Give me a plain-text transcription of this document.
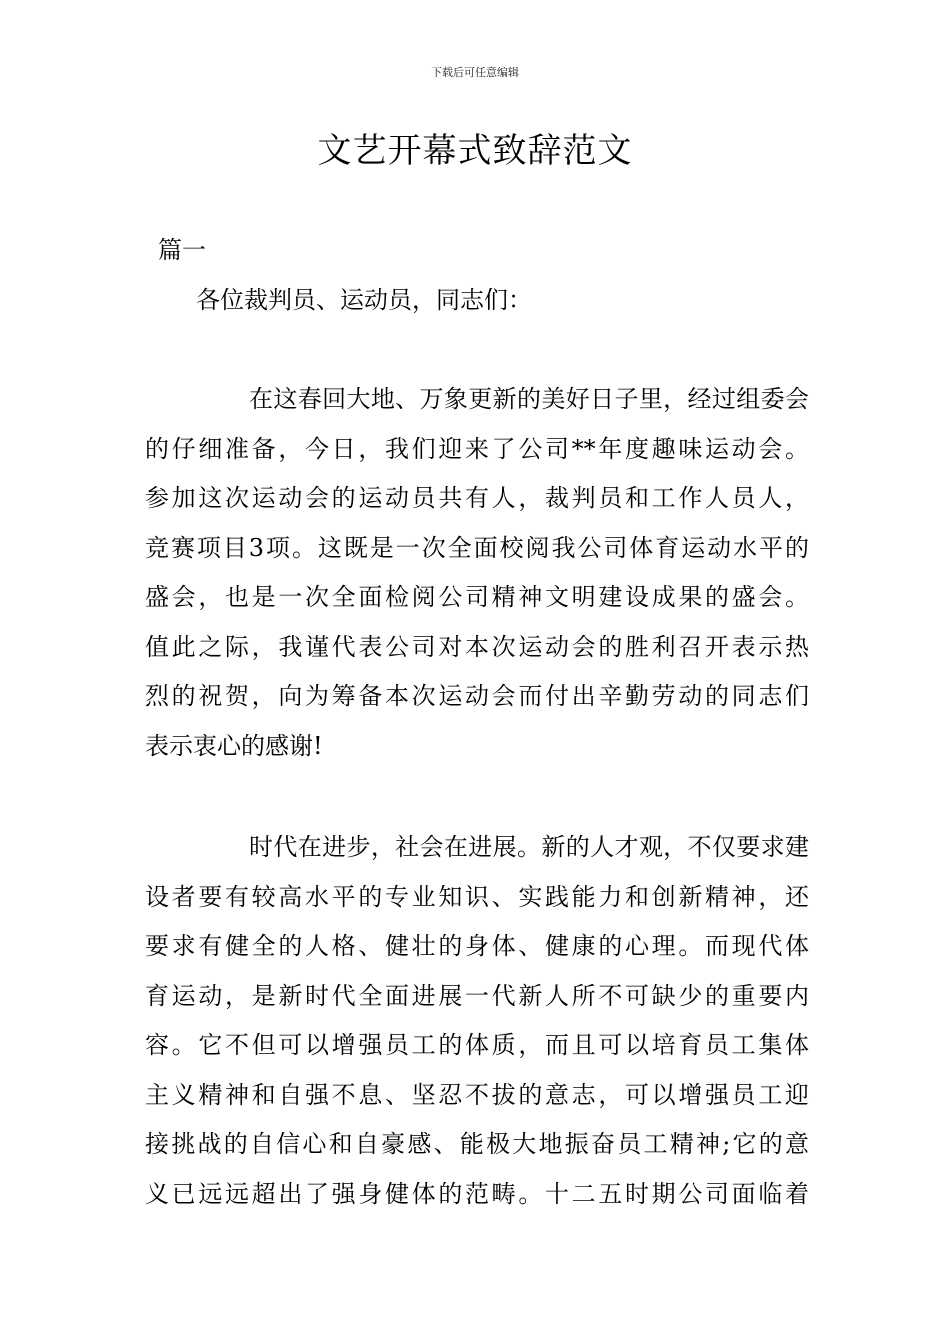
下载后可任意编辑
文艺开幕式致辞范文
篇一
各位裁判员、运动员，同志们：
在这春回大地、万象更新的美好日子里，经过组委会
的仔细准备，今日，我们迎来了公司**年度趣味运动会。
参加这次运动会的运动员共有人，裁判员和工作人员人，
竞赛项目3项。这既是一次全面校阅我公司体育运动水平的
盛会，也是一次全面检阅公司精神文明建设成果的盛会。
值此之际，我谨代表公司对本次运动会的胜利召开表示热
烈的祝贺，向为筹备本次运动会而付出辛勤劳动的同志们
表示衷心的感谢!
时代在进步，社会在进展。新的人才观，不仅要求建
设者要有较高水平的专业知识、实践能力和创新精神，还
要求有健全的人格、健壮的身体、健康的心理。而现代体
育运动，是新时代全面进展一代新人所不可缺少的重要内
容。它不但可以增强员工的体质，而且可以培育员工集体
主义精神和自强不息、坚忍不拔的意志，可以增强员工迎
接挑战的自信心和自豪感、能极大地振奋员工精神;它的意
义已远远超出了强身健体的范畴。十二五时期公司面临着
